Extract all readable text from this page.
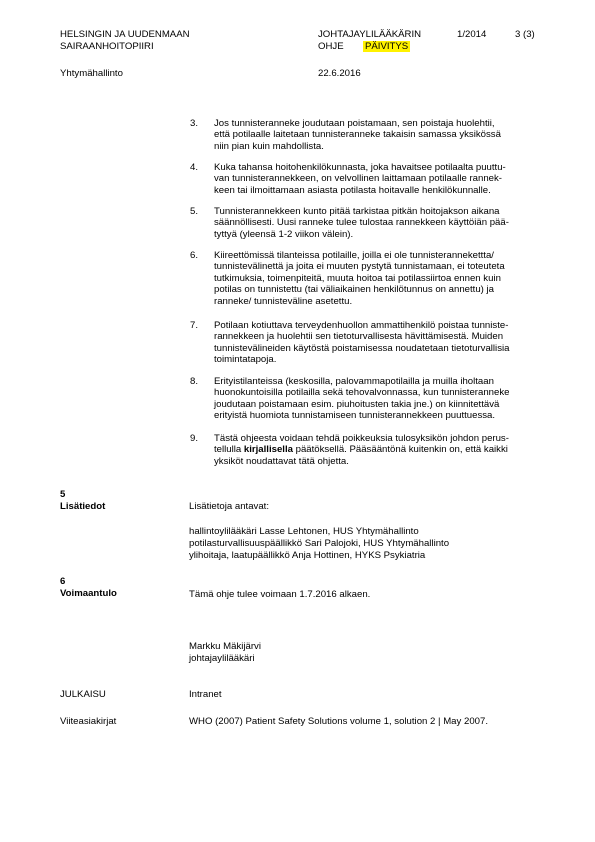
HELSINGIN JA UUDENMAAN
SAIRAANHOITOPIIRI
JOHTAJAYLILÄÄKÄRIN	1/2014	3 (3)
OHJE PÄIVITYS
Yhtymähallinto	22.6.2016
3. Jos tunnisteranneke joudutaan poistamaan, sen poistaja huolehtii,
että potilaalle laitetaan tunnisteranneke takaisin samassa yksikössä
niin pian kuin mahdollista.
4. Kuka tahansa hoitohenkilökunnasta, joka havaitsee potilaalta puuttu-
van tunnisterannekkeen, on velvollinen laittamaan potilaalle rannek-
keen tai ilmoittamaan asiasta potilasta hoitavalle henkilökunnalle.
5. Tunnisterannekkeen kunto pitää tarkistaa pitkän hoitojakson aikana
säännöllisesti. Uusi ranneke tulee tulostaa rannekkeen käyttöiän pää-
tyttyä (yleensä 1-2 viikon välein).
6. Kiireettömissä tilanteissa potilaille, joilla ei ole tunnisterannekettta/
tunnistevälinettä ja joita ei muuten pystytä tunnistamaan, ei toteuteta
tutkimuksia, toimenpiteitä, muuta hoitoa tai potilassiirtoa ennen kuin
potilas on tunnistettu (tai väliaikainen henkilötunnus on annettu) ja
ranneke/ tunnisteväline asetettu.
7. Potilaan kotiuttava terveydenhuollon ammattihenkilö poistaa tunniste-
rannekkeen ja huolehtii sen tietoturvallisesta hävittämisestä. Muiden
tunnistevälineiden käytöstä poistamisessa noudatetaan tietoturvallisia
toimintatapoja.
8. Erityistilanteissa (keskosilla, palovammapotilailla ja muilla iholtaan
huonokuntoisilla potilailla sekä tehovalvonnassa, kun tunnisteranneke
joudutaan poistamaan esim. piuhoitusten takia jne.) on kiinnitettävä
erityistä huomiota tunnistamiseen tunnisterannekkeen puuttuessa.
9. Tästä ohjeesta voidaan tehdä poikkeuksia tulosyksikön johdon perus-
tellulla kirjallisella päätöksellä. Pääsääntönä kuitenkin on, että kaikki
yksiköt noudattavat tätä ohjetta.
5
Lisätiedot	Lisätietoja antavat:
hallintoylilääkäri Lasse Lehtonen, HUS Yhtymähallinto
potilasturvallisuuspäällikkö Sari Palojoki, HUS Yhtymähallinto
ylihoitaja, laatupäällikkö Anja Hottinen, HYKS Psykiatria
6
Voimaantulo	Tämä ohje tulee voimaan 1.7.2016 alkaen.
Markku Mäkijärvi
johtajaylilääkäri
JULKAISU	Intranet
Viiteasiakirjat	WHO (2007) Patient Safety Solutions volume 1, solution 2 | May 2007.
